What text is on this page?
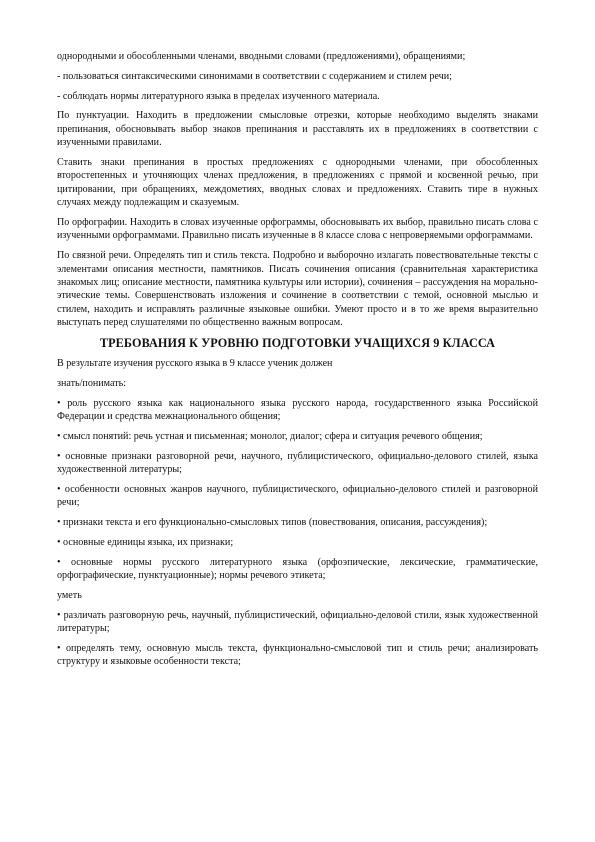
однородными и обособленными членами, вводными словами (предложениями), обращениями;

- пользоваться синтаксическими синонимами в соответствии с содержанием и стилем речи;

- соблюдать нормы литературного языка в пределах изученного материала.

По пунктуации. Находить в предложении смысловые отрезки, которые необходимо выделять знаками препинания, обосновывать выбор знаков препинания и расставлять их в предложениях в соответствии с изученными правилами.

Ставить знаки препинания в простых предложениях с однородными членами, при обособленных второстепенных и уточняющих членах предложения, в предложениях с прямой и косвенной речью, при цитировании, при обращениях, междометиях, вводных словах и предложениях. Ставить тире в нужных случаях между подлежащим и сказуемым.

По орфографии. Находить в словах изученные орфограммы, обосновывать их выбор, правильно писать слова с изученными орфограммами. Правильно писать изученные в 8 классе слова с непроверяемыми орфограммами.

По связной речи. Определять тип и стиль текста. Подробно и выборочно излагать повествовательные тексты с элементами описания местности, памятников. Писать сочинения описания (сравнительная характеристика знакомых лиц; описание местности, памятника культуры или истории), сочинения – рассуждения на морально-этические темы. Совершенствовать изложения и сочинение в соответствии с темой, основной мыслью и стилем, находить и исправлять различные языковые ошибки. Умеют просто и в то же время выразительно выступать перед слушателями по общественно важным вопросам.

ТРЕБОВАНИЯ К УРОВНЮ ПОДГОТОВКИ УЧАЩИХСЯ 9 КЛАССА

В результате изучения русского языка в 9 классе ученик должен

знать/понимать:

• роль русского языка как национального языка русского народа, государственного языка Российской Федерации и средства межнационального общения;

• смысл понятий: речь устная и письменная; монолог, диалог; сфера и ситуация речевого общения;

• основные признаки разговорной речи, научного, публицистического, официально-делового стилей, языка художественной литературы;

• особенности основных жанров научного, публицистического, официально-делового стилей и разговорной речи;

• признаки текста и его функционально-смысловых типов (повествования, описания, рассуждения);

• основные единицы языка, их признаки;

• основные нормы русского литературного языка (орфоэпические, лексические, грамматические, орфографические, пунктуационные); нормы речевого этикета;

уметь

• различать разговорную речь, научный, публицистический, официально-деловой стили, язык художественной литературы;

• определять тему, основную мысль текста, функционально-смысловой тип и стиль речи; анализировать структуру и языковые особенности текста;
